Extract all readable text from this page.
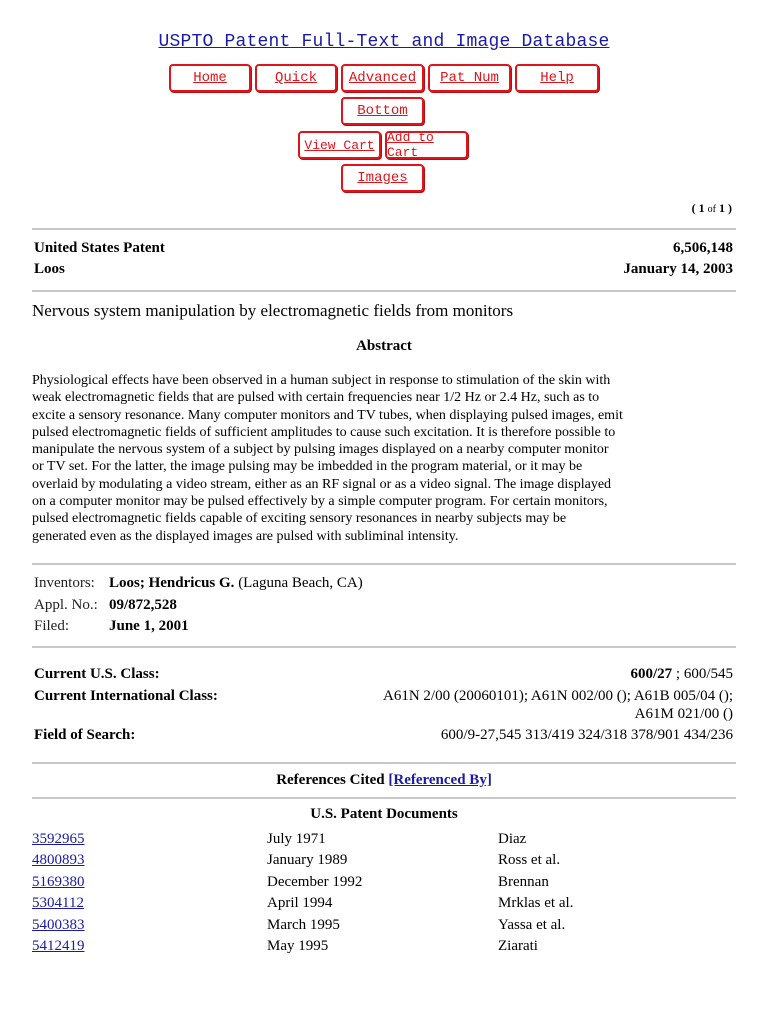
USPTO Patent Full-Text and Image Database
Home	Quick	Advanced	Pat Num	Help
Bottom
View Cart Add to Cart
Images
( 1 of 1 )
United States Patent	6,506,148
Loos	January 14, 2003
Nervous system manipulation by electromagnetic fields from monitors
Abstract
Physiological effects have been observed in a human subject in response to stimulation of the skin with
weak electromagnetic fields that are pulsed with certain frequencies near 1/2 Hz or 2.4 Hz, such as to
excite a sensory resonance. Many computer monitors and TV tubes, when displaying pulsed images, emit
pulsed electromagnetic fields of sufficient amplitudes to cause such excitation. It is therefore possible to
manipulate the nervous system of a subject by pulsing images displayed on a nearby computer monitor
or TV set. For the latter, the image pulsing may be imbedded in the program material, or it may be
overlaid by modulating a video stream, either as an RF signal or as a video signal. The image displayed
on a computer monitor may be pulsed effectively by a simple computer program. For certain monitors,
pulsed electromagnetic fields capable of exciting sensory resonances in nearby subjects may be
generated even as the displayed images are pulsed with subliminal intensity.
Inventors: Loos; Hendricus G. (Laguna Beach, CA)
Appl. No.: 09/872,528
Filed:	June 1, 2001
Current U.S. Class:	600/27 ; 600/545
Current International Class:	A61N 2/00 (20060101); A61N 002/00 (); A61B 005/04 ();
A61M 021/00 ()
Field of Search:	600/9-27,545 313/419 324/318 378/901 434/236
References Cited [Referenced By]
U.S. Patent Documents
3592965	July 1971	Diaz
4800893	January 1989	Ross et al.
5169380	December 1992	Brennan
5304112	April 1994	Mrklas et al.
5400383	March 1995	Yassa et al.
5412419	May 1995	Ziarati
